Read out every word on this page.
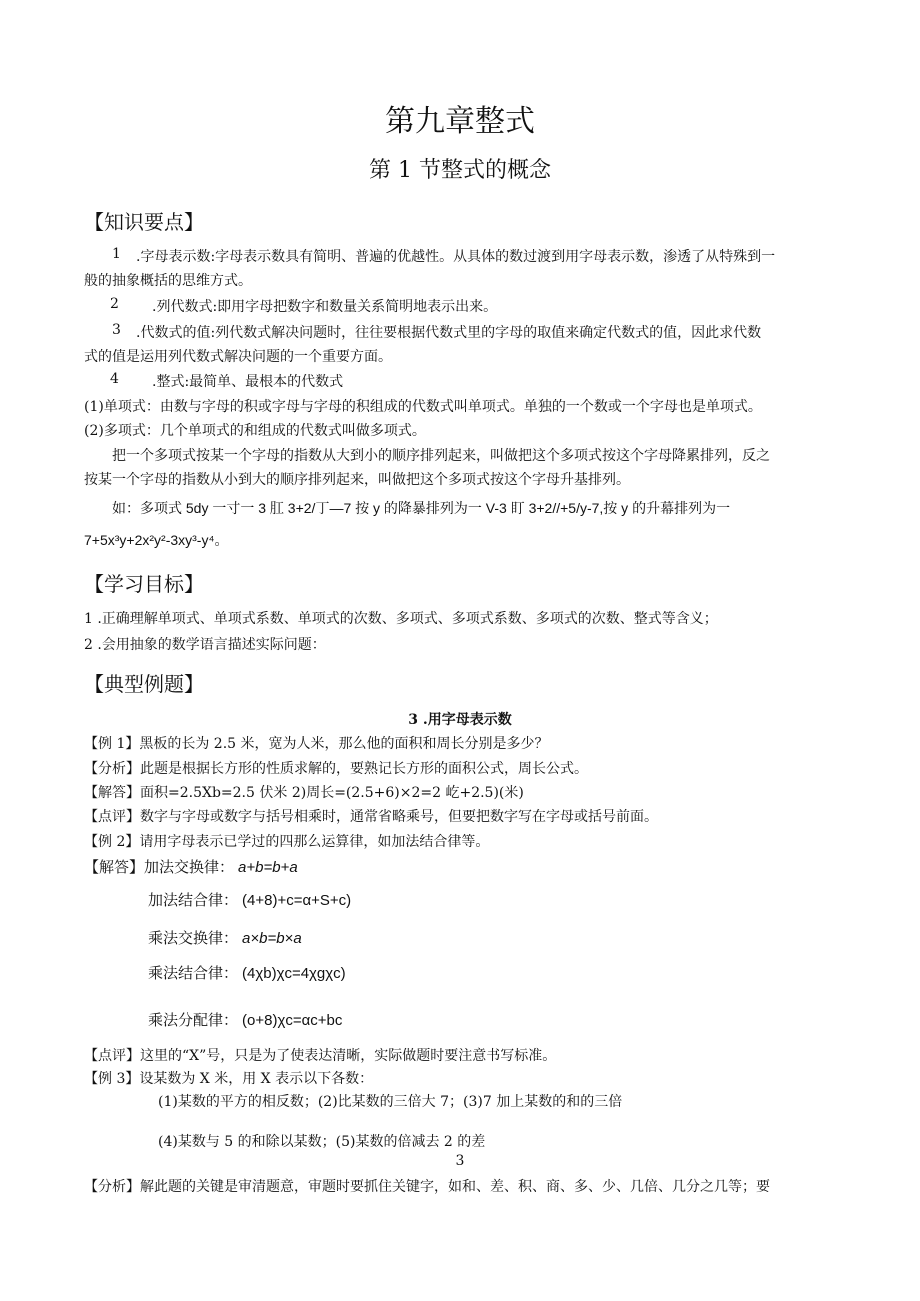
第九章整式
第 1 节整式的概念
【知识要点】
1 .字母表示数:字母表示数具有简明、普遍的优越性。从具体的数过渡到用字母表示数，渗透了从特殊到一
般的抽象概括的思维方式。
2 .列代数式:即用字母把数字和数量关系简明地表示出来。
3 .代数式的值:列代数式解决问题时，往往要根据代数式里的字母的取值来确定代数式的值，因此求代数
式的值是运用列代数式解决问题的一个重要方面。
4 .整式:最简单、最根本的代数式
(1)单项式：由数与字母的积或字母与字母的积组成的代数式叫单项式。单独的一个数或一个字母也是单项式。
(2)多项式：几个单项式的和组成的代数式叫做多项式。
把一个多项式按某一个字母的指数从大到小的顺序排列起来，叫做把这个多项式按这个字母降累排列，反之
按某一个字母的指数从小到大的顺序排列起来，叫做把这个多项式按这个字母升基排列。
如：多项式 5dy 一寸一 3 肛 3+2/丁—7 按 y 的降暴排列为一 V-3 盯 3+2//+5/y-7,按 y 的升幕排列为一
7+5x³y+2x²y²-3xy³-y⁴。
【学习目标】
1 .正确理解单项式、单项式系数、单项式的次数、多项式、多项式系数、多项式的次数、整式等含义；
2 .会用抽象的数学语言描述实际问题：
【典型例题】
3 .用字母表示数
【例 1】黑板的长为 2.5 米，宽为人米，那么他的面积和周长分别是多少？
【分析】此题是根据长方形的性质求解的，要熟记长方形的面积公式，周长公式。
【解答】面积=2.5Xb=2.5 伏米 2)周长=(2.5+6)×2=2 屹+2.5)(米)
【点评】数字与字母或数字与括号相乘时，通常省略乘号，但要把数字写在字母或括号前面。
【例 2】请用字母表示已学过的四那么运算律，如加法结合律等。
【解答】加法交换律： a+b=b+a
加法结合律： (4+8)+c=α+S+c)
乘法交换律： a×b=b×a
乘法结合律： (4χb)χc=4χgχc)
乘法分配律： (o+8)χc=αc+bc
【点评】这里的“X”号，只是为了使表达清晰，实际做题时要注意书写标准。
【例 3】设某数为 X 米，用 X 表示以下各数：
(1)某数的平方的相反数；(2)比某数的三倍大 7；(3)7 加上某数的和的三倍
(4)某数与 5 的和除以某数；(5)某数的倍减去 2 的差
3
【分析】解此题的关键是审清题意，审题时要抓住关键字，如和、差、积、商、多、少、几倍、几分之几等；要
